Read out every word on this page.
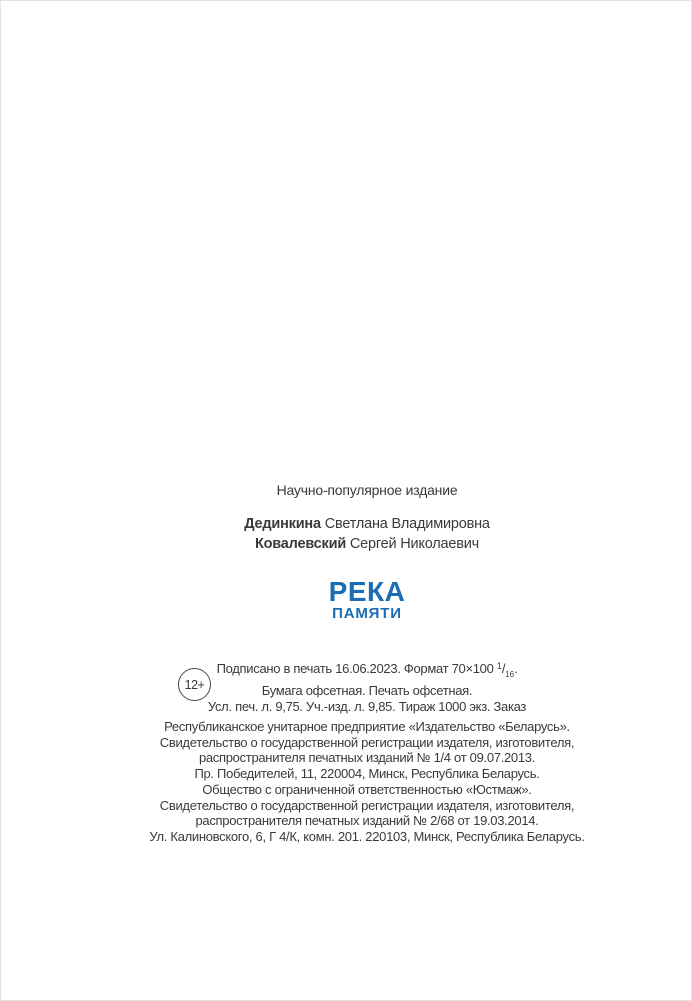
Научно-популярное издание

Дединкина Светлана Владимировна

Ковалевский Сергей Николаевич

РЕКА
ПАМЯТИ
12+

Подписано в печать 16.06.2023. Формат 70×100 $^1/_{16}$.

Бумага офсетная. Печать офсетная.

Усл. печ. л. 9,75. Уч.-изд. л. 9,85. Тираж 1000 экз. Заказ

Республиканское унитарное предприятие «Издательство «Беларусь».

Свидетельство о государственной регистрации издателя, изготовителя,

распространителя печатных изданий № 1/4 от 09.07.2013.

Пр. Победителей, 11, 220004, Минск, Республика Беларусь.

Общество с ограниченной ответственностью «Юстмаж».

Свидетельство о государственной регистрации издателя, изготовителя,

распространителя печатных изданий № 2/68 от 19.03.2014.

Ул. Калиновского, 6, Г 4/К, комн. 201. 220103, Минск, Республика Беларусь.
